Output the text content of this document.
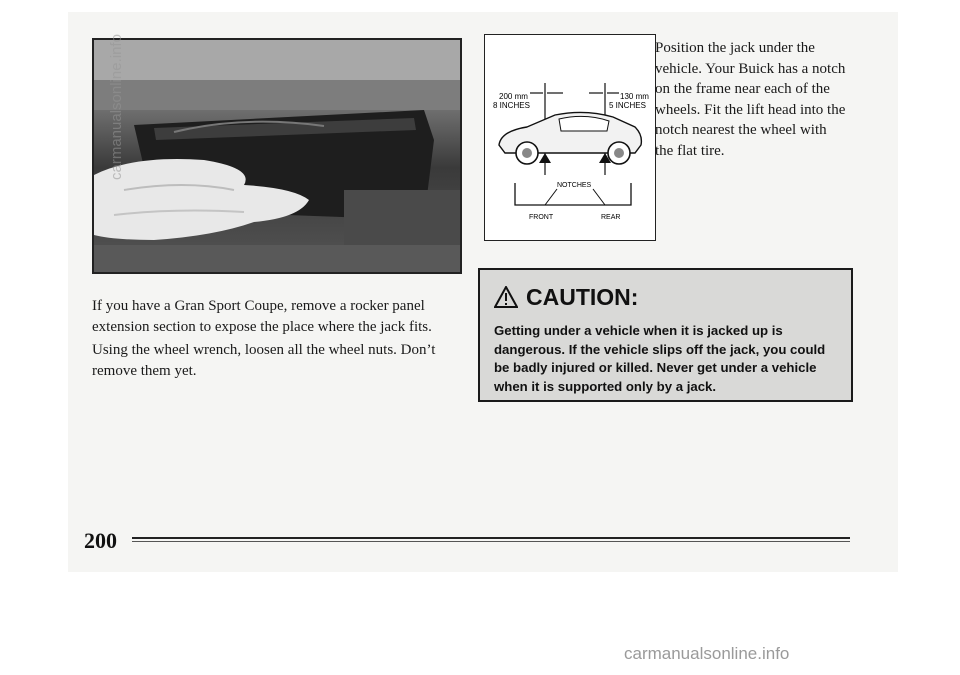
If you have a Gran Sport Coupe, remove a rocker panel extension section to expose the place where the jack fits.
Using the wheel wrench, loosen all the wheel nuts. Don’t remove them yet.
200 mm
8 INCHES
130 mm
5 INCHES
NOTCHES
FRONT	REAR
Position the jack under the vehicle. Your Buick has a notch on the frame near each of the wheels. Fit the lift head into the notch nearest the wheel with the flat tire.
CAUTION:
Getting under a vehicle when it is jacked up is dangerous. If the vehicle slips off the jack, you could be badly injured or killed. Never get under a vehicle when it is supported only by a jack.
200
carmanualsonline.info
carmanualsonline.info
